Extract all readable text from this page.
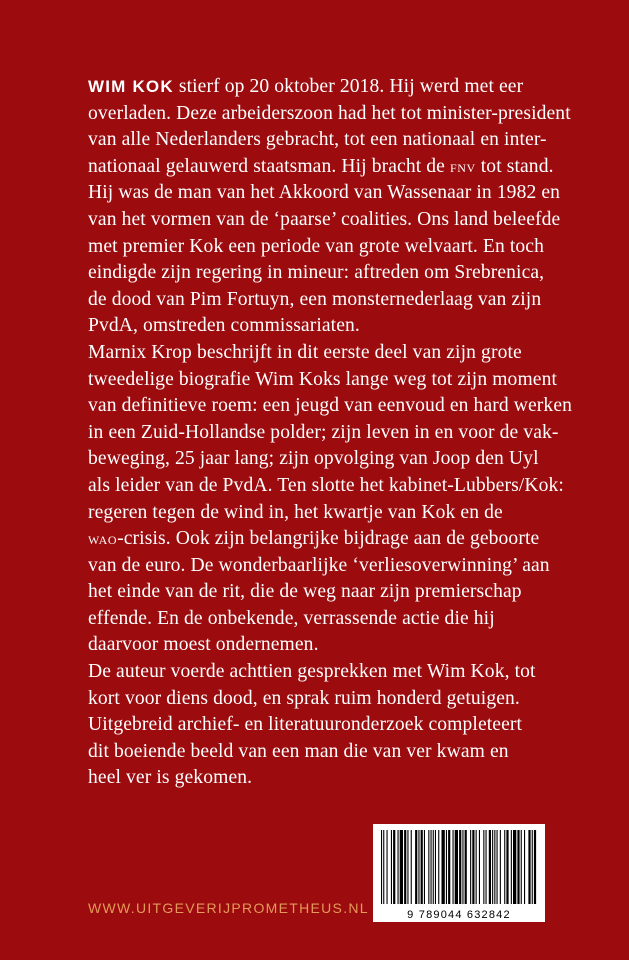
WIM KOK stierf op 20 oktober 2018. Hij werd met eer
overladen. Deze arbeiderszoon had het tot minister-president
van alle Nederlanders gebracht, tot een nationaal en inter-
nationaal gelauwerd staatsman. Hij bracht de fnv tot stand.
Hij was de man van het Akkoord van Wassenaar in 1982 en
van het vormen van de ‘paarse’ coalities. Ons land beleefde
met premier Kok een periode van grote welvaart. En toch
eindigde zijn regering in mineur: aftreden om Srebrenica,
de dood van Pim Fortuyn, een monsternederlaag van zijn
PvdA, omstreden commissariaten.
Marnix Krop beschrijft in dit eerste deel van zijn grote
tweedelige biografie Wim Koks lange weg tot zijn moment
van definitieve roem: een jeugd van eenvoud en hard werken
in een Zuid-Hollandse polder; zijn leven in en voor de vak-
beweging, 25 jaar lang; zijn opvolging van Joop den Uyl
als leider van de PvdA. Ten slotte het kabinet-Lubbers/Kok:
regeren tegen de wind in, het kwartje van Kok en de
wao-crisis. Ook zijn belangrijke bijdrage aan de geboorte
van de euro. De wonderbaarlijke ‘verliesoverwinning’ aan
het einde van de rit, die de weg naar zijn premierschap
effende. En de onbekende, verrassende actie die hij
daarvoor moest ondernemen.
De auteur voerde achttien gesprekken met Wim Kok, tot
kort voor diens dood, en sprak ruim honderd getuigen.
Uitgebreid archief- en literatuuronderzoek completeert
dit boeiende beeld van een man die van ver kwam en
heel ver is gekomen.
9 789044 632842
WWW.UITGEVERIJPROMETHEUS.NL
